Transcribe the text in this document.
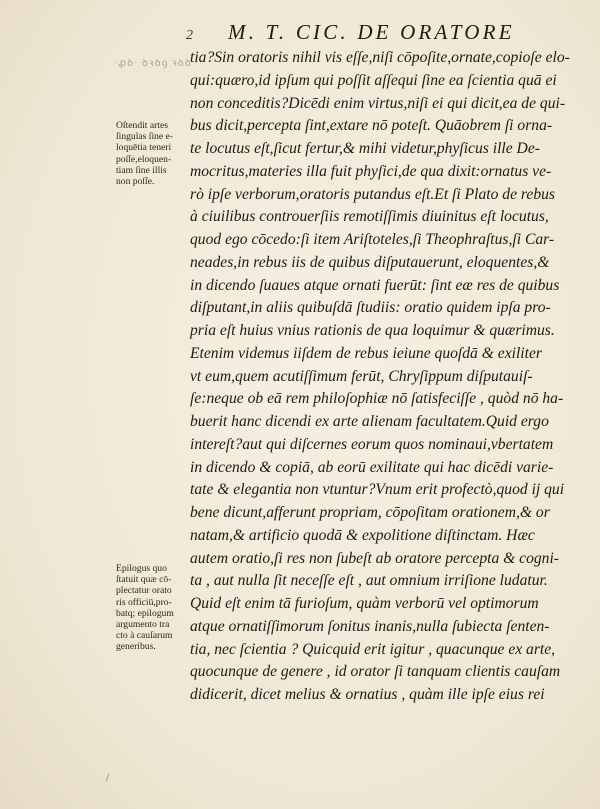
2 M. T. CIC. DE ORATORE
·ꝓꝺ· ꝺꝛꝺꝯ ꝛꝺꝺ
Oſtendit artes
ſingulas ſine e-
loquētia teneri
poſſe,eloquen-
tiam ſine illis
non poſſe.
Epilogus quo
ſtatuit quæ cō-
plectatur orato
ris officiū,pro-
batq; epilogum
argumento tra
cto à cauſarum
generibus.
tia?Sin oratoris nihil vis eſſe,niſi cōpoſite,ornate,copioſe elo-
qui:quæro,id ipſum qui poſſit aſſequi ſine ea ſcientia quā ei
non conceditis?Dicēdi enim virtus,niſi ei qui dicit,ea de qui-
bus dicit,percepta ſint,extare nō poteſt. Quāobrem ſi orna-
te locutus eſt,ſicut fertur,& mihi videtur,phyſicus ille De-
mocritus,materies illa fuit phyſici,de qua dixit:ornatus ve-
rò ipſe verborum,oratoris putandus eſt.Et ſi Plato de rebus
à ciuilibus controuerſiis remotiſſimis diuinitus eſt locutus,
quod ego cōcedo:ſi item Ariſtoteles,ſi Theophraſtus,ſi Car-
neades,in rebus iis de quibus diſputauerunt, eloquentes,&
in dicendo ſuaues atque ornati fuerūt: ſint eæ res de quibus
diſputant,in aliis quibuſdā ſtudiis: oratio quidem ipſa pro-
pria eſt huius vnius rationis de qua loquimur & quærimus.
Etenim videmus iiſdem de rebus ieiune quoſdā & exiliter
vt eum,quem acutiſſimum ferūt, Chryſippum diſputauiſ-
ſe:neque ob eā rem philoſophiæ nō ſatisfeciſſe , quòd nō ha-
buerit hanc dicendi ex arte alienam facultatem.Quid ergo
intereſt?aut qui diſcernes eorum quos nominaui,vbertatem
in dicendo & copiā, ab eorū exilitate qui hac dicēdi varie-
tate & elegantia non vtuntur?Vnum erit profectò,quod ij qui
bene dicunt,afferunt propriam, cōpoſitam orationem,& or
natam,& artificio quodā & expolitione diſtinctam. Hæc
autem oratio,ſi res non ſubeſt ab oratore percepta & cogni-
ta , aut nulla ſit neceſſe eſt , aut omnium irriſione ludatur.
Quid eſt enim tā furioſum, quàm verborū vel optimorum
atque ornatiſſimorum ſonitus inanis,nulla ſubiecta ſenten-
tia, nec ſcientia ? Quicquid erit igitur , quacunque ex arte,
quocunque de genere , id orator ſi tanquam clientis cauſam
didicerit, dicet melius & ornatius , quàm ille ipſe eius rei
/
